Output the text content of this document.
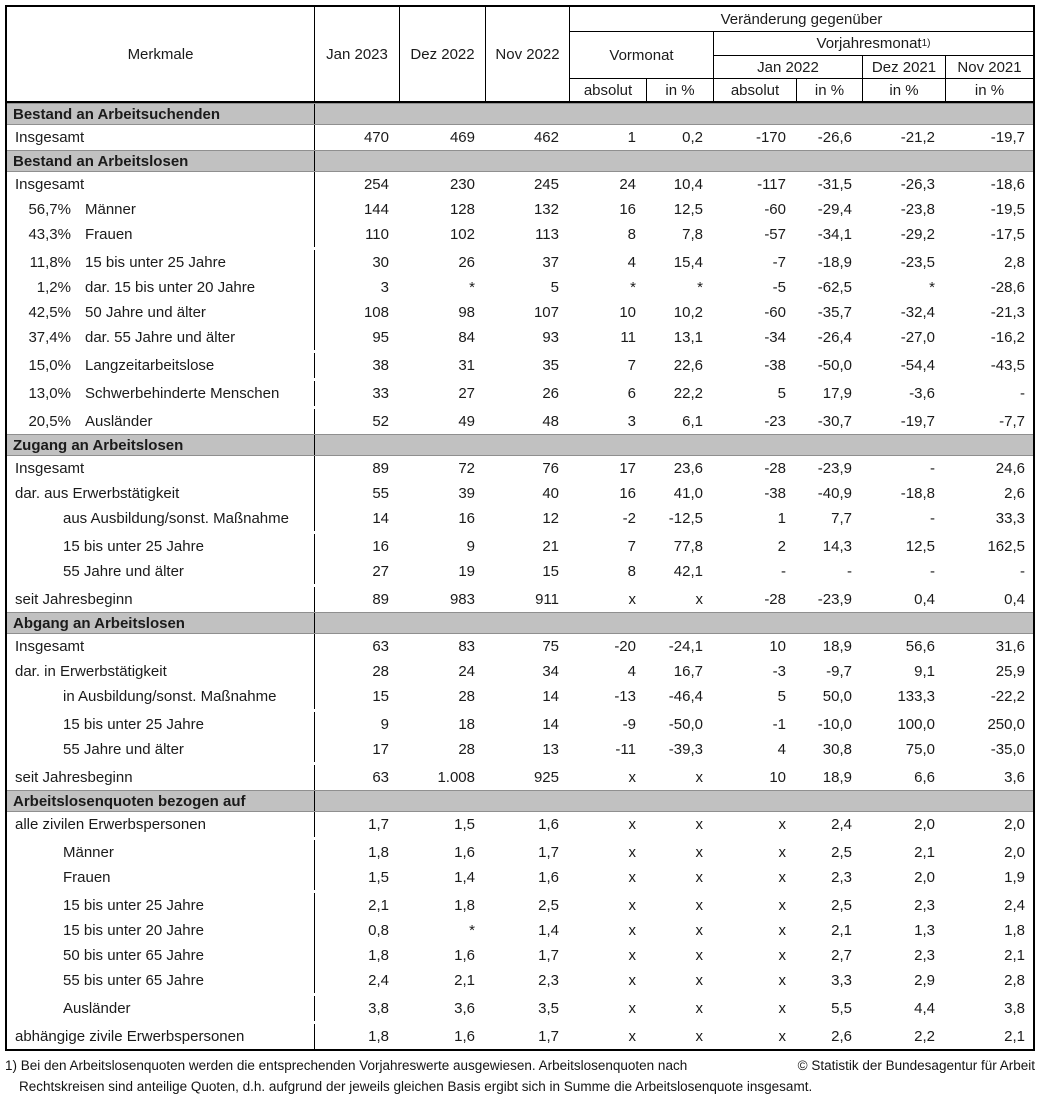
Merkmale	Jan 2023	Dez 2022	Nov 2022
Veränderung gegenüber
Vormonat
Vorjahresmonat 1)
Jan 2022	Dez 2021	Nov 2021
absolut	in %	absolut	in %	in %	in %
Bestand an Arbeitsuchenden
Insgesamt	470	469	462	1	0,2	-170	-26,6	-21,2	-19,7
Bestand an Arbeitslosen
Insgesamt	254	230	245	24	10,4	-117	-31,5	-26,3	-18,6
56,7% Männer	144	128	132	16	12,5	-60	-29,4	-23,8	-19,5
43,3% Frauen	110	102	113	8	7,8	-57	-34,1	-29,2	-17,5
11,8% 15 bis unter 25 Jahre	30	26	37	4	15,4	-7	-18,9	-23,5	2,8
1,2% dar. 15 bis unter 20 Jahre	3	*	5	*	*	-5	-62,5	*	-28,6
42,5% 50 Jahre und älter	108	98	107	10	10,2	-60	-35,7	-32,4	-21,3
37,4% dar. 55 Jahre und älter	95	84	93	11	13,1	-34	-26,4	-27,0	-16,2
15,0% Langzeitarbeitslose	38	31	35	7	22,6	-38	-50,0	-54,4	-43,5
13,0% Schwerbehinderte Menschen	33	27	26	6	22,2	5	17,9	-3,6	-
20,5% Ausländer	52	49	48	3	6,1	-23	-30,7	-19,7	-7,7
Zugang an Arbeitslosen
Insgesamt	89	72	76	17	23,6	-28	-23,9	-	24,6
dar. aus Erwerbstätigkeit	55	39	40	16	41,0	-38	-40,9	-18,8	2,6
aus Ausbildung/sonst. Maßnahme	14	16	12	-2	-12,5	1	7,7	-	33,3
15 bis unter 25 Jahre	16	9	21	7	77,8	2	14,3	12,5	162,5
55 Jahre und älter	27	19	15	8	42,1	-	-	-	-
seit Jahresbeginn	89	983	911	x	x	-28	-23,9	0,4	0,4
Abgang an Arbeitslosen
Insgesamt	63	83	75	-20	-24,1	10	18,9	56,6	31,6
dar. in Erwerbstätigkeit	28	24	34	4	16,7	-3	-9,7	9,1	25,9
in Ausbildung/sonst. Maßnahme	15	28	14	-13	-46,4	5	50,0	133,3	-22,2
15 bis unter 25 Jahre	9	18	14	-9	-50,0	-1	-10,0	100,0	250,0
55 Jahre und älter	17	28	13	-11	-39,3	4	30,8	75,0	-35,0
seit Jahresbeginn	63	1.008	925	x	x	10	18,9	6,6	3,6
Arbeitslosenquoten bezogen auf
alle zivilen Erwerbspersonen	1,7	1,5	1,6	x	x	x	2,4	2,0	2,0
Männer	1,8	1,6	1,7	x	x	x	2,5	2,1	2,0
Frauen	1,5	1,4	1,6	x	x	x	2,3	2,0	1,9
15 bis unter 25 Jahre	2,1	1,8	2,5	x	x	x	2,5	2,3	2,4
15 bis unter 20 Jahre	0,8	*	1,4	x	x	x	2,1	1,3	1,8
50 bis unter 65 Jahre	1,8	1,6	1,7	x	x	x	2,7	2,3	2,1
55 bis unter 65 Jahre	2,4	2,1	2,3	x	x	x	3,3	2,9	2,8
Ausländer	3,8	3,6	3,5	x	x	x	5,5	4,4	3,8
abhängige zivile Erwerbspersonen	1,8	1,6	1,7	x	x	x	2,6	2,2	2,1
1) Bei den Arbeitslosenquoten werden die entsprechenden Vorjahreswerte ausgewiesen. Arbeitslosenquoten nach	© Statistik der Bundesagentur für Arbeit
Rechtskreisen sind anteilige Quoten, d.h. aufgrund der jeweils gleichen Basis ergibt sich in Summe die Arbeitslosenquote insgesamt.
